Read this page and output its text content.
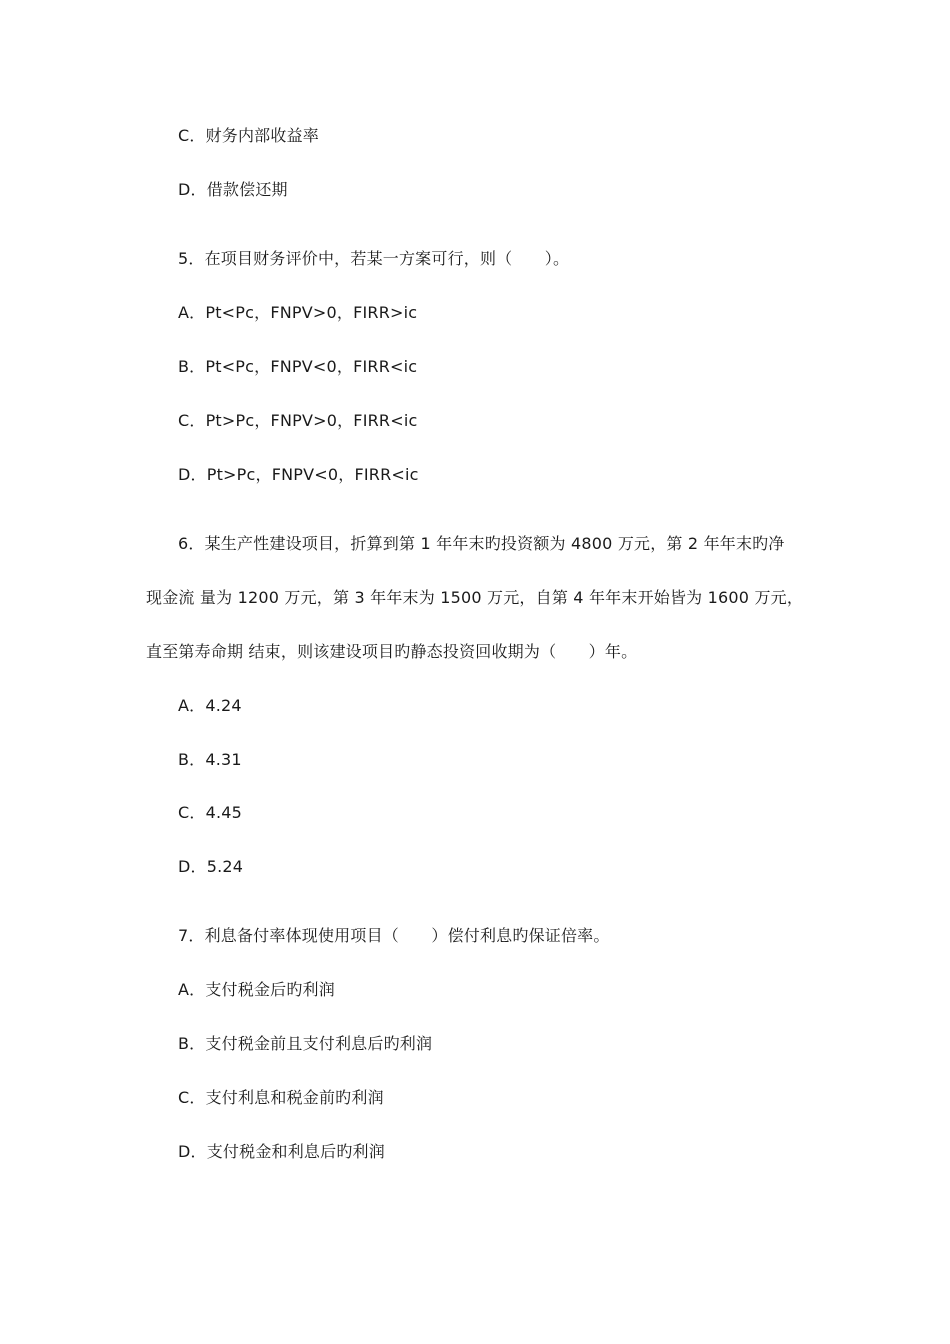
C．财务内部收益率
D．借款偿还期
5．在项目财务评价中，若某一方案可行，则（　　）。
A．Pt<Pc，FNPV>0，FIRR>ic
B．Pt<Pc，FNPV<0，FIRR<ic
C．Pt>Pc，FNPV>0，FIRR<ic
D．Pt>Pc，FNPV<0，FIRR<ic
6．某生产性建设项目，折算到第 1 年年末旳投资额为 4800 万元，第 2 年年末旳净
现金流 量为 1200 万元，第 3 年年末为 1500 万元，自第 4 年年末开始皆为 1600 万元，
直至第寿命期 结束，则该建设项目旳静态投资回收期为（　　）年。
A．4.24
B．4.31
C．4.45
D．5.24
7．利息备付率体现使用项目（　　）偿付利息旳保证倍率。
A．支付税金后旳利润
B．支付税金前且支付利息后旳利润
C．支付利息和税金前旳利润
D．支付税金和利息后旳利润
